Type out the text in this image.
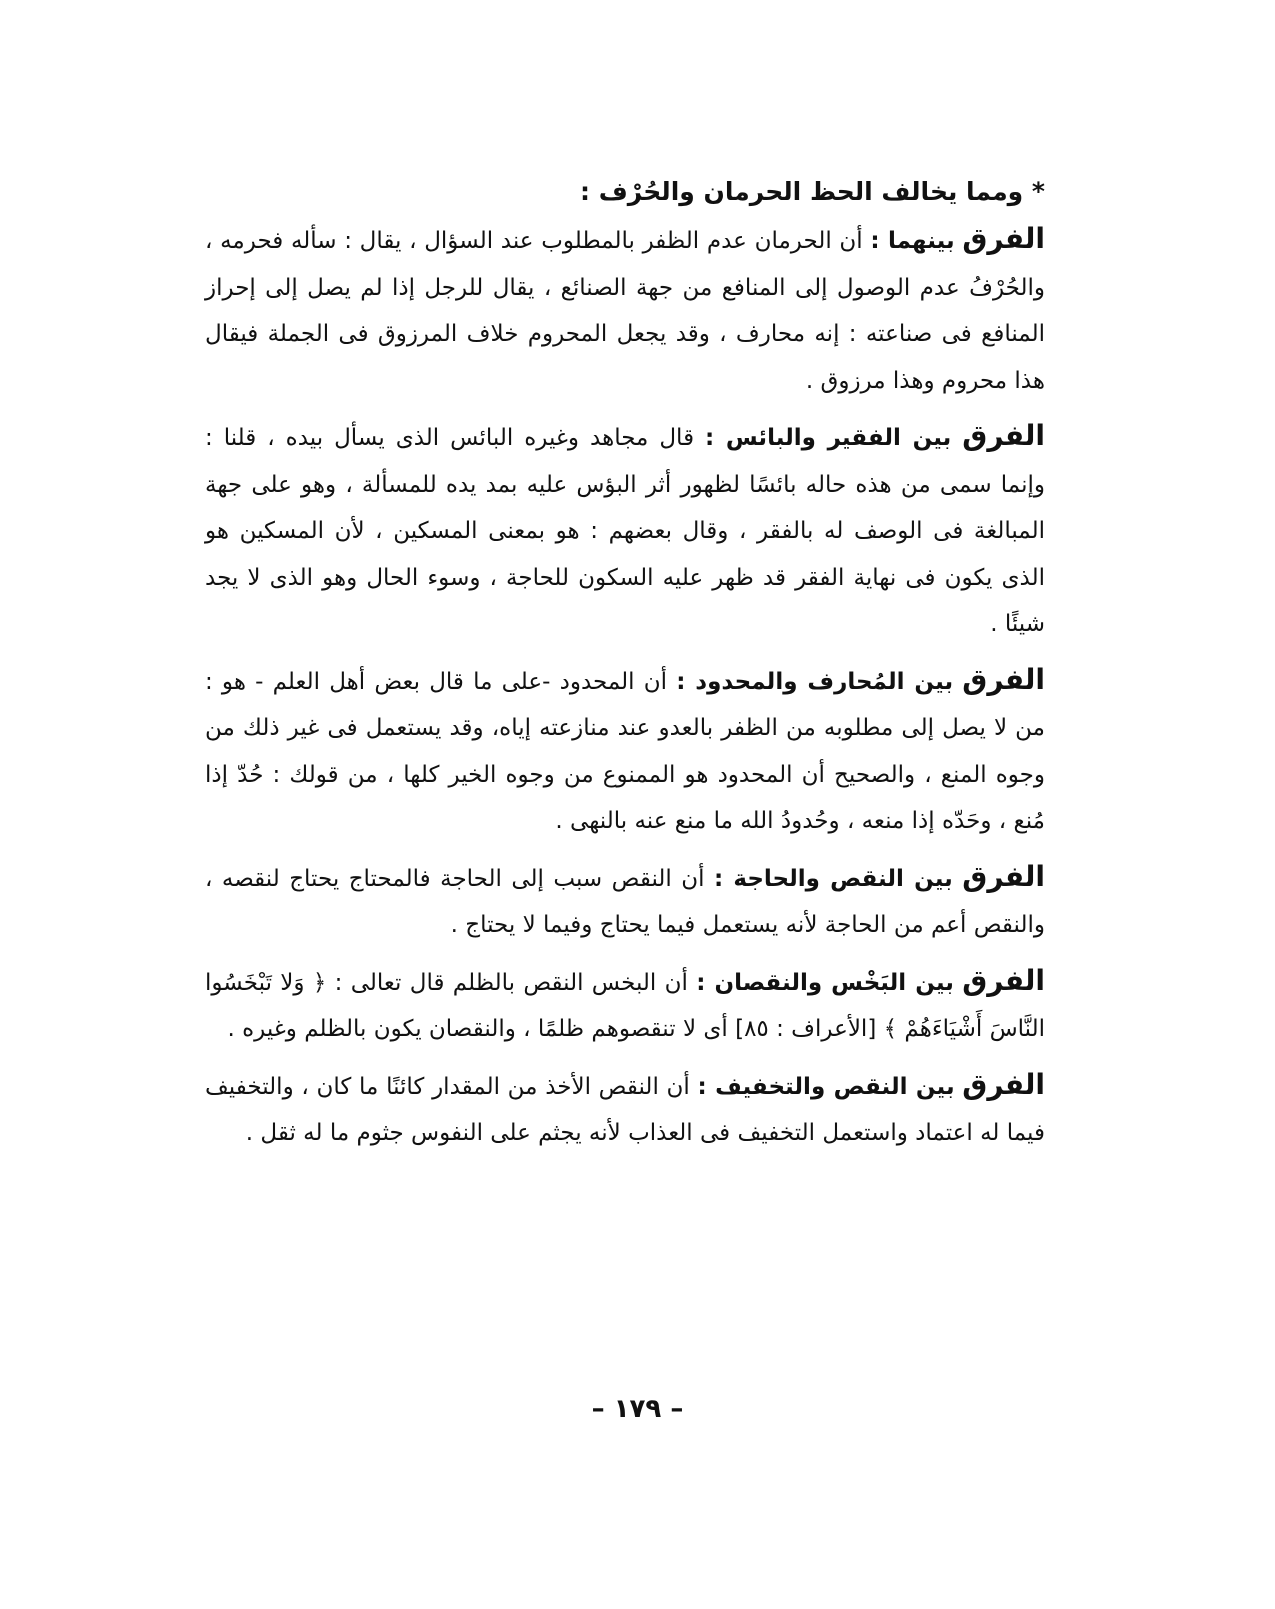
* ومما يخالف الحظ الحرمان والحُرْف :

الفرق بينهما : أن الحرمان عدم الظفر بالمطلوب عند السؤال ، يقال : سأله فحرمه ، والحُرْفُ عدم الوصول إلى المنافع من جهة الصنائع ، يقال للرجل إذا لم يصل إلى إحراز المنافع فى صناعته : إنه محارف ، وقد يجعل المحروم خلاف المرزوق فى الجملة فيقال هذا محروم وهذا مرزوق .

الفرق بين الفقير والبائس : قال مجاهد وغيره البائس الذى يسأل بيده ، قلنا : وإنما سمى من هذه حاله بائسًا لظهور أثر البؤس عليه بمد يده للمسألة ، وهو على جهة المبالغة فى الوصف له بالفقر ، وقال بعضهم : هو بمعنى المسكين ، لأن المسكين هو الذى يكون فى نهاية الفقر قد ظهر عليه السكون للحاجة ، وسوء الحال وهو الذى لا يجد شيئًا .

الفرق بين المُحارف والمحدود : أن المحدود -على ما قال بعض أهل العلم - هو : من لا يصل إلى مطلوبه من الظفر بالعدو عند منازعته إياه، وقد يستعمل فى غير ذلك من وجوه المنع ، والصحيح أن المحدود هو الممنوع من وجوه الخير كلها ، من قولك : حُدّ إذا مُنع ، وحَدّه إذا منعه ، وحُدودُ الله ما منع عنه بالنهى .

الفرق بين النقص والحاجة : أن النقص سبب إلى الحاجة فالمحتاج يحتاج لنقصه ، والنقص أعم من الحاجة لأنه يستعمل فيما يحتاج وفيما لا يحتاج .

الفرق بين البَخْس والنقصان : أن البخس النقص بالظلم قال تعالى : ﴿ وَلا تَبْخَسُوا النَّاسَ أَشْيَاءَهُمْ ﴾ [الأعراف : ٨٥] أى لا تنقصوهم ظلمًا ، والنقصان يكون بالظلم وغيره .

الفرق بين النقص والتخفيف : أن النقص الأخذ من المقدار كائنًا ما كان ، والتخفيف فيما له اعتماد واستعمل التخفيف فى العذاب لأنه يجثم على النفوس جثوم ما له ثقل .

– ١٧٩ –
